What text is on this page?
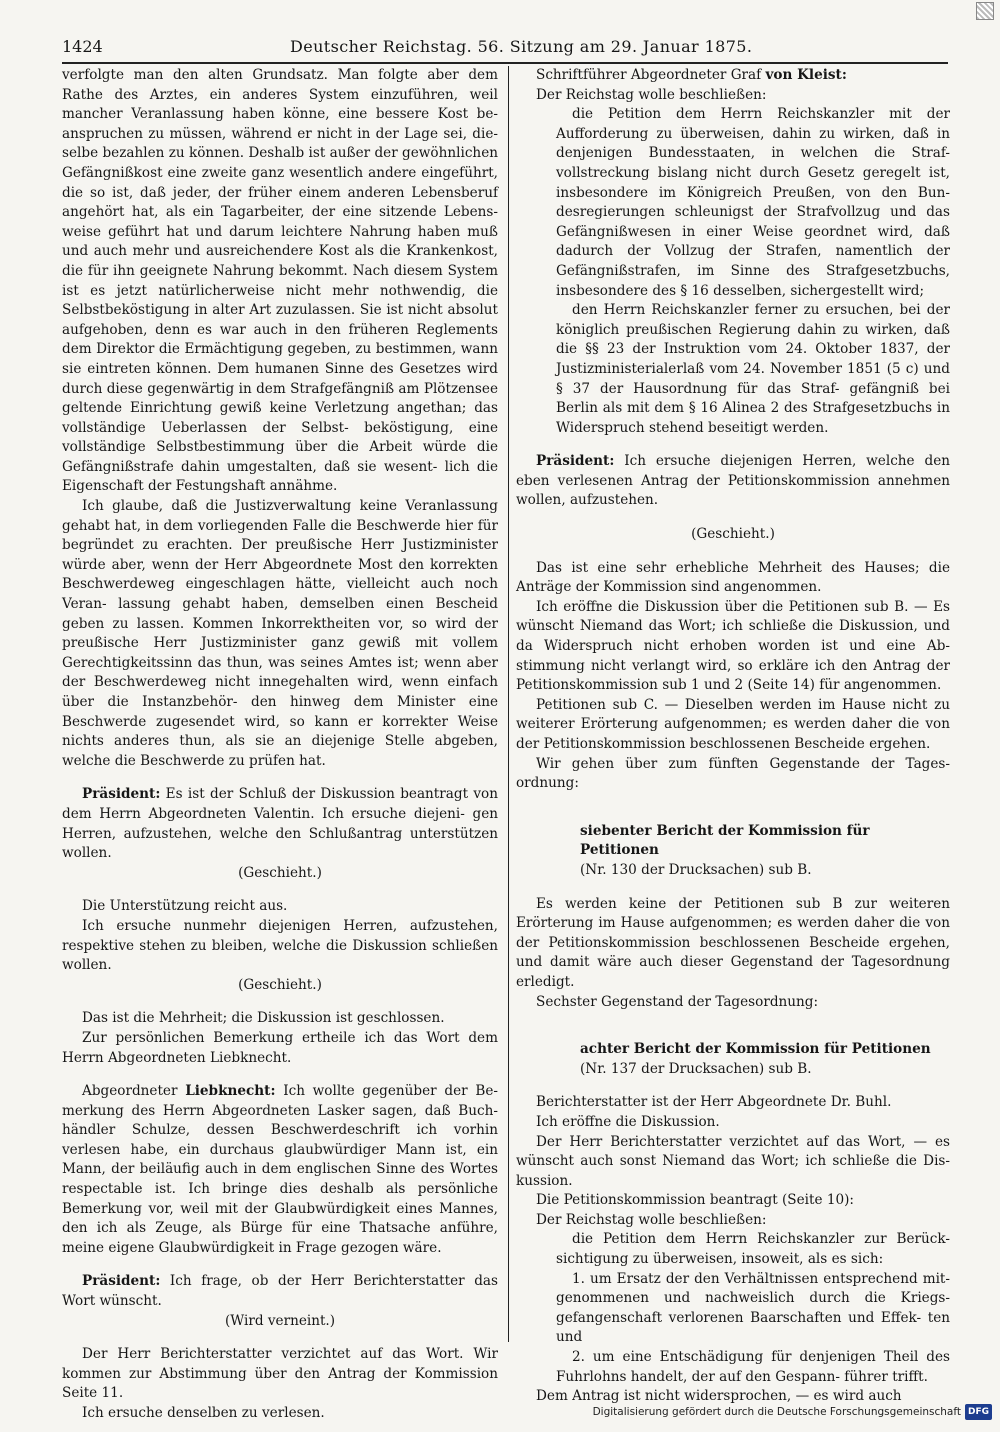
1424	Deutscher Reichstag. 56. Sitzung am 29. Januar 1875.

verfolgte man den alten Grundsatz. Man folgte aber dem Rathe des Arztes, ein anderes System einzuführen, weil mancher Veranlassung haben könne, eine bessere Kost be- anspruchen zu müssen, während er nicht in der Lage sei, die- selbe bezahlen zu können. Deshalb ist außer der gewöhnlichen Gefängnißkost eine zweite ganz wesentlich andere eingeführt, die so ist, daß jeder, der früher einem anderen Lebensberuf angehört hat, als ein Tagarbeiter, der eine sitzende Lebens- weise geführt hat und darum leichtere Nahrung haben muß und auch mehr und ausreichendere Kost als die Krankenkost, die für ihn geeignete Nahrung bekommt. Nach diesem System ist es jetzt natürlicherweise nicht mehr nothwendig, die Selbstbeköstigung in alter Art zuzulassen. Sie ist nicht absolut aufgehoben, denn es war auch in den früheren Reglements dem Direktor die Ermächtigung gegeben, zu bestimmen, wann sie eintreten können. Dem humanen Sinne des Gesetzes wird durch diese gegenwärtig in dem Strafgefängniß am Plötzensee geltende Einrichtung gewiß keine Verletzung angethan; das vollständige Ueberlassen der Selbst- beköstigung, eine vollständige Selbstbestimmung über die Arbeit würde die Gefängnißstrafe dahin umgestalten, daß sie wesent- lich die Eigenschaft der Festungshaft annähme.

Ich glaube, daß die Justizverwaltung keine Veranlassung gehabt hat, in dem vorliegenden Falle die Beschwerde hier für begründet zu erachten. Der preußische Herr Justizminister würde aber, wenn der Herr Abgeordnete Most den korrekten Beschwerdeweg eingeschlagen hätte, vielleicht auch noch Veran- lassung gehabt haben, demselben einen Bescheid geben zu lassen. Kommen Inkorrektheiten vor, so wird der preußische Herr Justizminister ganz gewiß mit vollem Gerechtigkeitssinn das thun, was seines Amtes ist; wenn aber der Beschwerdeweg nicht innegehalten wird, wenn einfach über die Instanzbehör- den hinweg dem Minister eine Beschwerde zugesendet wird, so kann er korrekter Weise nichts anderes thun, als sie an diejenige Stelle abgeben, welche die Beschwerde zu prüfen hat.

Präsident: Es ist der Schluß der Diskussion beantragt von dem Herrn Abgeordneten Valentin. Ich ersuche diejeni- gen Herren, aufzustehen, welche den Schlußantrag unterstützen wollen.

(Geschieht.)

Die Unterstützung reicht aus.

Ich ersuche nunmehr diejenigen Herren, aufzustehen, respektive stehen zu bleiben, welche die Diskussion schließen wollen.

(Geschieht.)

Das ist die Mehrheit; die Diskussion ist geschlossen.

Zur persönlichen Bemerkung ertheile ich das Wort dem Herrn Abgeordneten Liebknecht.

Abgeordneter Liebknecht: Ich wollte gegenüber der Be- merkung des Herrn Abgeordneten Lasker sagen, daß Buch- händler Schulze, dessen Beschwerdeschrift ich vorhin verlesen habe, ein durchaus glaubwürdiger Mann ist, ein Mann, der beiläufig auch in dem englischen Sinne des Wortes respectable ist. Ich bringe dies deshalb als persönliche Bemerkung vor, weil mit der Glaubwürdigkeit eines Mannes, den ich als Zeuge, als Bürge für eine Thatsache anführe, meine eigene Glaubwürdigkeit in Frage gezogen wäre.

Präsident: Ich frage, ob der Herr Berichterstatter das Wort wünscht.

(Wird verneint.)

Der Herr Berichterstatter verzichtet auf das Wort. Wir kommen zur Abstimmung über den Antrag der Kommission Seite 11.

Ich ersuche denselben zu verlesen.

Schriftführer Abgeordneter Graf von Kleist:

Der Reichstag wolle beschließen:

die Petition dem Herrn Reichskanzler mit der Aufforderung zu überweisen, dahin zu wirken, daß in denjenigen Bundesstaaten, in welchen die Straf- vollstreckung bislang nicht durch Gesetz geregelt ist, insbesondere im Königreich Preußen, von den Bun- desregierungen schleunigst der Strafvollzug und das Gefängnißwesen in einer Weise geordnet wird, daß dadurch der Vollzug der Strafen, namentlich der Gefängnißstrafen, im Sinne des Strafgesetzbuchs, insbesondere des § 16 desselben, sichergestellt wird;

den Herrn Reichskanzler ferner zu ersuchen, bei der königlich preußischen Regierung dahin zu wirken, daß die §§ 23 der Instruktion vom 24. Oktober 1837, der Justizministerialerlaß vom 24. November 1851 (5 c) und § 37 der Hausordnung für das Straf- gefängniß bei Berlin als mit dem § 16 Alinea 2 des Strafgesetzbuchs in Widerspruch stehend beseitigt werden.

Präsident: Ich ersuche diejenigen Herren, welche den eben verlesenen Antrag der Petitionskommission annehmen wollen, aufzustehen.

(Geschieht.)

Das ist eine sehr erhebliche Mehrheit des Hauses; die Anträge der Kommission sind angenommen.

Ich eröffne die Diskussion über die Petitionen sub B. — Es wünscht Niemand das Wort; ich schließe die Diskussion, und da Widerspruch nicht erhoben worden ist und eine Ab- stimmung nicht verlangt wird, so erkläre ich den Antrag der Petitionskommission sub 1 und 2 (Seite 14) für angenommen.

Petitionen sub C. — Dieselben werden im Hause nicht zu weiterer Erörterung aufgenommen; es werden daher die von der Petitionskommission beschlossenen Bescheide ergehen.

Wir gehen über zum fünften Gegenstande der Tages- ordnung:

siebenter Bericht der Kommission für Petitionen

(Nr. 130 der Drucksachen) sub B.

Es werden keine der Petitionen sub B zur weiteren Erörterung im Hause aufgenommen; es werden daher die von der Petitionskommission beschlossenen Bescheide ergehen, und damit wäre auch dieser Gegenstand der Tagesordnung erledigt.

Sechster Gegenstand der Tagesordnung:

achter Bericht der Kommission für Petitionen

(Nr. 137 der Drucksachen) sub B.

Berichterstatter ist der Herr Abgeordnete Dr. Buhl.

Ich eröffne die Diskussion.

Der Herr Berichterstatter verzichtet auf das Wort, — es wünscht auch sonst Niemand das Wort; ich schließe die Dis- kussion.

Die Petitionskommission beantragt (Seite 10):

Der Reichstag wolle beschließen:

die Petition dem Herrn Reichskanzler zur Berück- sichtigung zu überweisen, insoweit, als es sich:

1. um Ersatz der den Verhältnissen entsprechend mit- genommenen und nachweislich durch die Kriegs- gefangenschaft verlorenen Baarschaften und Effek- ten und

2. um eine Entschädigung für denjenigen Theil des Fuhrlohns handelt, der auf den Gespann- führer trifft.

Dem Antrag ist nicht widersprochen, — es wird auch

Digitalisierung gefördert durch die Deutsche Forschungsgemeinschaft DFG
